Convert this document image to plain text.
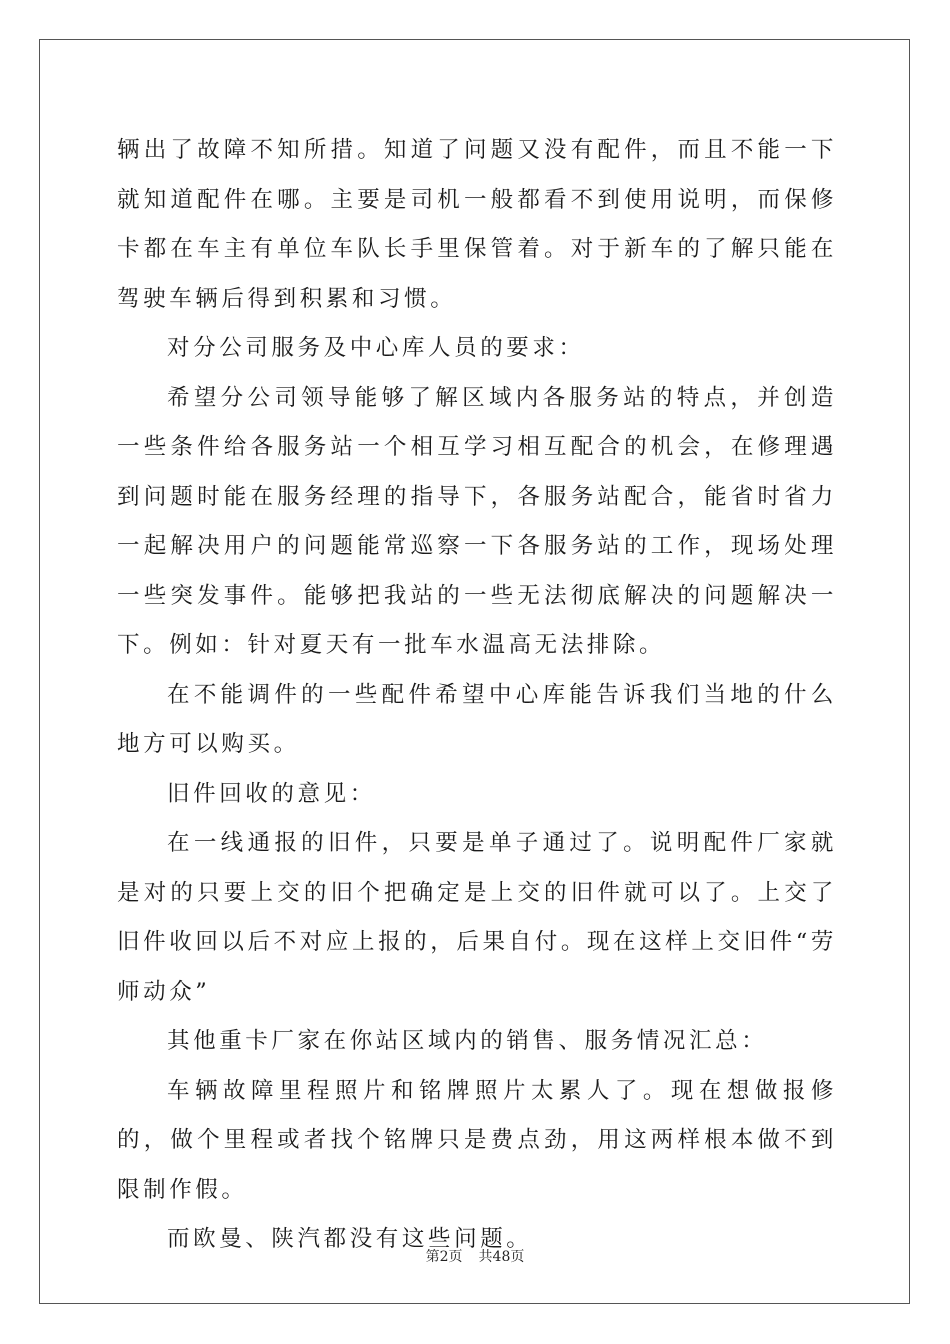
辆出了故障不知所措。知道了问题又没有配件，而且不能一下就知道配件在哪。主要是司机一般都看不到使用说明，而保修卡都在车主有单位车队长手里保管着。对于新车的了解只能在驾驶车辆后得到积累和习惯。

对分公司服务及中心库人员的要求：

希望分公司领导能够了解区域内各服务站的特点，并创造一些条件给各服务站一个相互学习相互配合的机会，在修理遇到问题时能在服务经理的指导下，各服务站配合，能省时省力一起解决用户的问题能常巡察一下各服务站的工作，现场处理一些突发事件。能够把我站的一些无法彻底解决的问题解决一下。例如：针对夏天有一批车水温高无法排除。

在不能调件的一些配件希望中心库能告诉我们当地的什么地方可以购买。

旧件回收的意见：

在一线通报的旧件，只要是单子通过了。说明配件厂家就是对的只要上交的旧个把确定是上交的旧件就可以了。上交了旧件收回以后不对应上报的，后果自付。现在这样上交旧件“劳师动众”

其他重卡厂家在你站区域内的销售、服务情况汇总：

车辆故障里程照片和铭牌照片太累人了。现在想做报修的，做个里程或者找个铭牌只是费点劲，用这两样根本做不到限制作假。

而欧曼、陕汽都没有这些问题。

第2页 共48页
